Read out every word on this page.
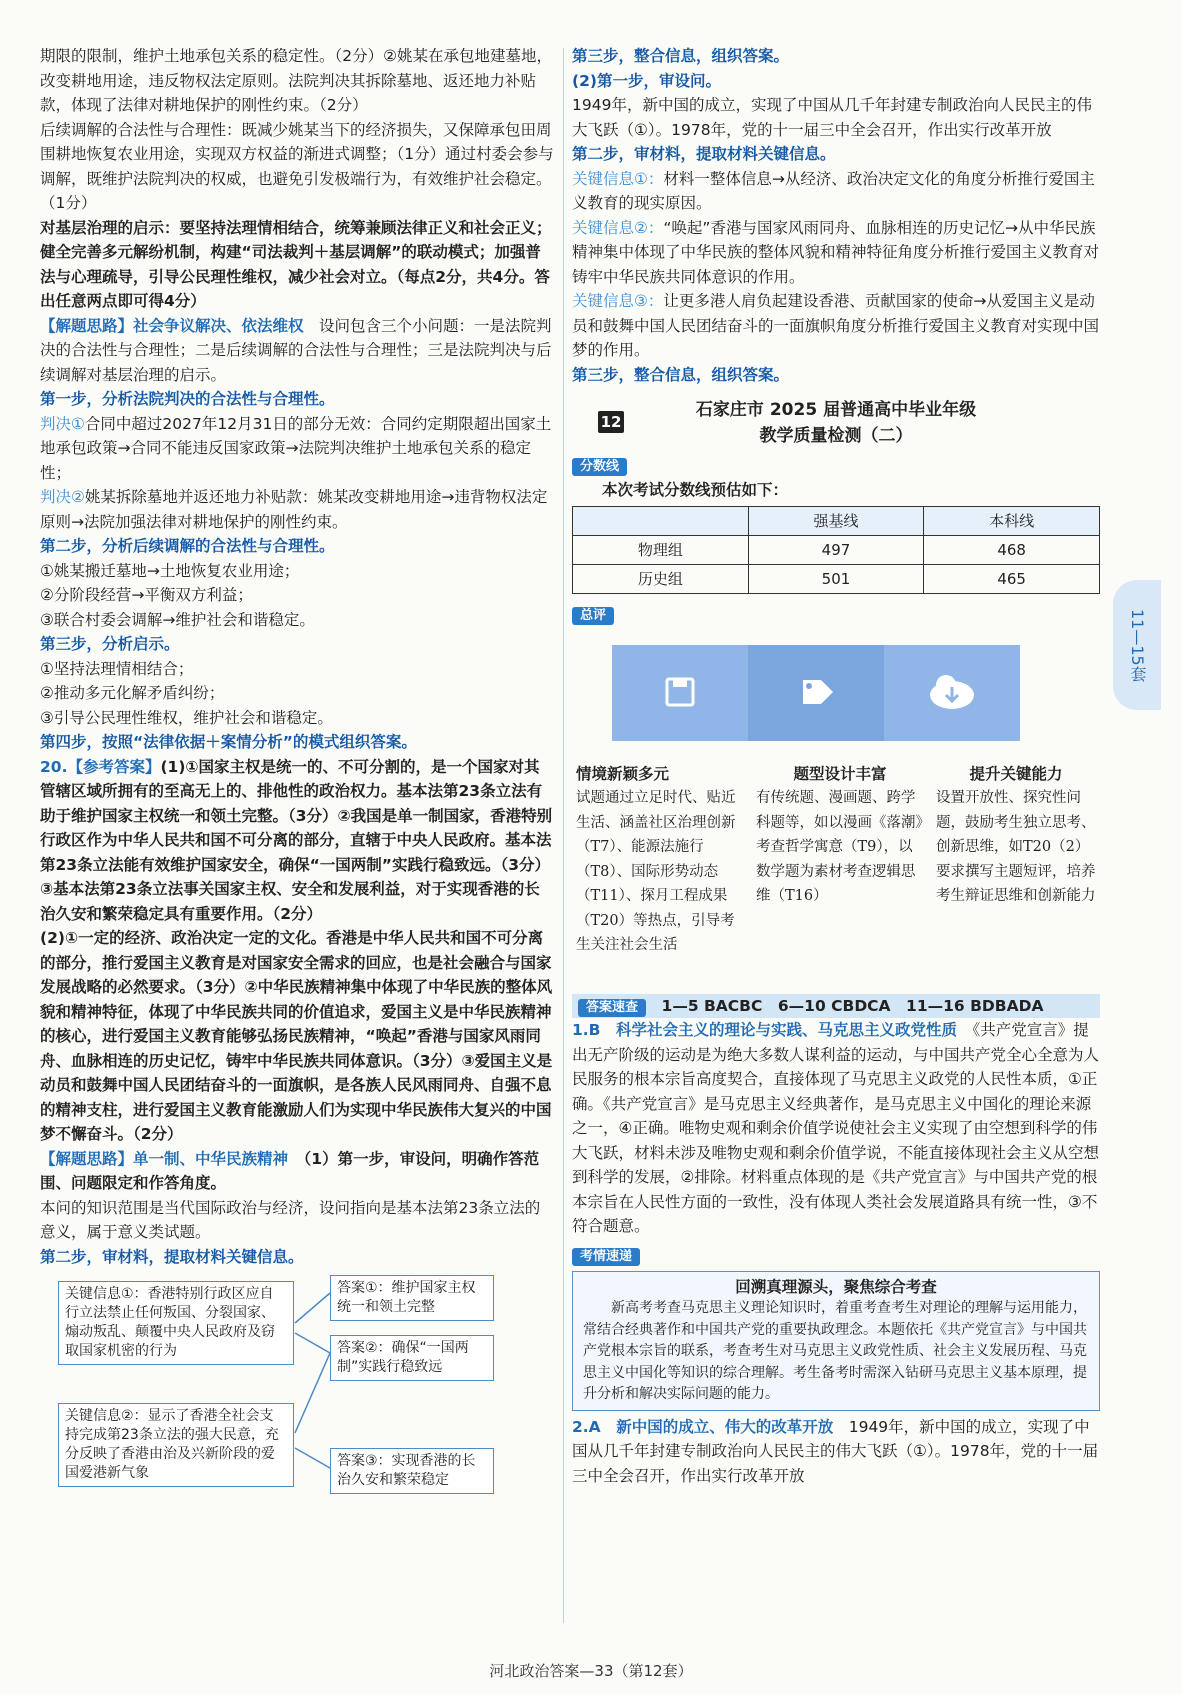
期限的限制，维护土地承包关系的稳定性。（2分）②姚某在承包地建墓地，改变耕地用途，违反物权法定原则。法院判决其拆除墓地、返还地力补贴款，体现了法律对耕地保护的刚性约束。（2分）

后续调解的合法性与合理性：既减少姚某当下的经济损失，又保障承包田周围耕地恢复农业用途，实现双方权益的渐进式调整；（1分）通过村委会参与调解，既维护法院判决的权威，也避免引发极端行为，有效维护社会稳定。（1分）

对基层治理的启示：要坚持法理情相结合，统筹兼顾法律正义和社会正义；健全完善多元解纷机制，构建“司法裁判＋基层调解”的联动模式；加强普法与心理疏导，引导公民理性维权，减少社会对立。（每点2分，共4分。答出任意两点即可得4分）

【解题思路】社会争议解决、依法维权　 设问包含三个小问题：一是法院判决的合法性与合理性；二是后续调解的合法性与合理性；三是法院判决与后续调解对基层治理的启示。

第一步，分析法院判决的合法性与合理性。

判决①合同中超过2027年12月31日的部分无效：合同约定期限超出国家土地承包政策→合同不能违反国家政策→法院判决维护土地承包关系的稳定性；

判决②姚某拆除墓地并返还地力补贴款：姚某改变耕地用途→违背物权法定原则→法院加强法律对耕地保护的刚性约束。

第二步，分析后续调解的合法性与合理性。

①姚某搬迁墓地→土地恢复农业用途；

②分阶段经营→平衡双方利益；

③联合村委会调解→维护社会和谐稳定。

第三步，分析启示。

①坚持法理情相结合；

②推动多元化解矛盾纠纷；

③引导公民理性维权，维护社会和谐稳定。

第四步，按照“法律依据＋案情分析”的模式组织答案。

20.【参考答案】(1)①国家主权是统一的、不可分割的，是一个国家对其管辖区域所拥有的至高无上的、排他性的政治权力。基本法第23条立法有助于维护国家主权统一和领土完整。（3分）②我国是单一制国家，香港特别行政区作为中华人民共和国不可分离的部分，直辖于中央人民政府。基本法第23条立法能有效维护国家安全，确保“一国两制”实践行稳致远。（3分）③基本法第23条立法事关国家主权、安全和发展利益，对于实现香港的长治久安和繁荣稳定具有重要作用。（2分）

(2)①一定的经济、政治决定一定的文化。香港是中华人民共和国不可分离的部分，推行爱国主义教育是对国家安全需求的回应，也是社会融合与国家发展战略的必然要求。（3分）②中华民族精神集中体现了中华民族的整体风貌和精神特征，体现了中华民族共同的价值追求，爱国主义是中华民族精神的核心，进行爱国主义教育能够弘扬民族精神，“唤起”香港与国家风雨同舟、血脉相连的历史记忆，铸牢中华民族共同体意识。（3分）③爱国主义是动员和鼓舞中国人民团结奋斗的一面旗帜，是各族人民风雨同舟、自强不息的精神支柱，进行爱国主义教育能激励人们为实现中华民族伟大复兴的中国梦不懈奋斗。（2分）

【解题思路】单一制、中华民族精神　 （1）第一步，审设问，明确作答范围、问题限定和作答角度。

本问的知识范围是当代国际政治与经济，设问指向是基本法第23条立法的意义，属于意义类试题。

第二步，审材料，提取材料关键信息。

关键信息①：香港特别行政区应自行立法禁止任何叛国、分裂国家、煽动叛乱、颠覆中央人民政府及窃取国家机密的行为
答案①：维护国家主权统一和领土完整
答案②：确保“一国两制”实践行稳致远
关键信息②：显示了香港全社会支持完成第23条立法的强大民意，充分反映了香港由治及兴新阶段的爱国爱港新气象
答案③：实现香港的长治久安和繁荣稳定

第三步，整合信息，组织答案。

(2)第一步，审设问。

1949年，新中国的成立，实现了中国从几千年封建专制政治向人民民主的伟大飞跃（①）。1978年，党的十一届三中全会召开，作出实行改革开放

第二步，审材料，提取材料关键信息。

关键信息①：材料一整体信息→从经济、政治决定文化的角度分析推行爱国主义教育的现实原因。

关键信息②：“唤起”香港与国家风雨同舟、血脉相连的历史记忆→从中华民族精神集中体现了中华民族的整体风貌和精神特征角度分析推行爱国主义教育对铸牢中华民族共同体意识的作用。

关键信息③：让更多港人肩负起建设香港、贡献国家的使命→从爱国主义是动员和鼓舞中国人民团结奋斗的一面旗帜角度分析推行爱国主义教育对实现中国梦的作用。

第三步，整合信息，组织答案。

12
石家庄市 2025 届普通高中毕业年级
教学质量检测（二）
分数线

本次考试分数线预估如下：

	强基线	本科线
物理组	497	468
历史组	501	465
总评
情境新颖多元
试题通过立足时代、贴近生活、涵盖社区治理创新（T7）、能源法施行（T8）、国际形势动态（T11）、探月工程成果（T20）等热点，引导考生关注社会生活
题型设计丰富
有传统题、漫画题、跨学科题等，如以漫画《落潮》考查哲学寓意（T9），以数学题为素材考查逻辑思维（T16）
提升关键能力
设置开放性、探究性问题，鼓励考生独立思考、创新思维，如T20（2）要求撰写主题短评，培养考生辩证思维和创新能力
答案速查　 1—5 BACBC　6—10 CBDCA　11—16 BDBADA

1.B　 科学社会主义的理论与实践、马克思主义政党性质　 《共产党宣言》提出无产阶级的运动是为绝大多数人谋利益的运动，与中国共产党全心全意为人民服务的根本宗旨高度契合，直接体现了马克思主义政党的人民性本质，①正确。《共产党宣言》是马克思主义经典著作，是马克思主义中国化的理论来源之一，④正确。唯物史观和剩余价值学说使社会主义实现了由空想到科学的伟大飞跃，材料未涉及唯物史观和剩余价值学说，不能直接体现社会主义从空想到科学的发展，②排除。材料重点体现的是《共产党宣言》与中国共产党的根本宗旨在人民性方面的一致性，没有体现人类社会发展道路具有统一性，③不符合题意。

考情速递
回溯真理源头，聚焦综合考查

新高考考查马克思主义理论知识时，着重考查考生对理论的理解与运用能力，常结合经典著作和中国共产党的重要执政理念。本题依托《共产党宣言》与中国共产党根本宗旨的联系，考查考生对马克思主义政党性质、社会主义发展历程、马克思主义中国化等知识的综合理解。考生备考时需深入钻研马克思主义基本原理，提升分析和解决实际问题的能力。

2.A　 新中国的成立、伟大的改革开放　 1949年，新中国的成立，实现了中国从几千年封建专制政治向人民民主的伟大飞跃（①）。1978年，党的十一届三中全会召开，作出实行改革开放

11—15套
河北政治答案—33（第12套）
